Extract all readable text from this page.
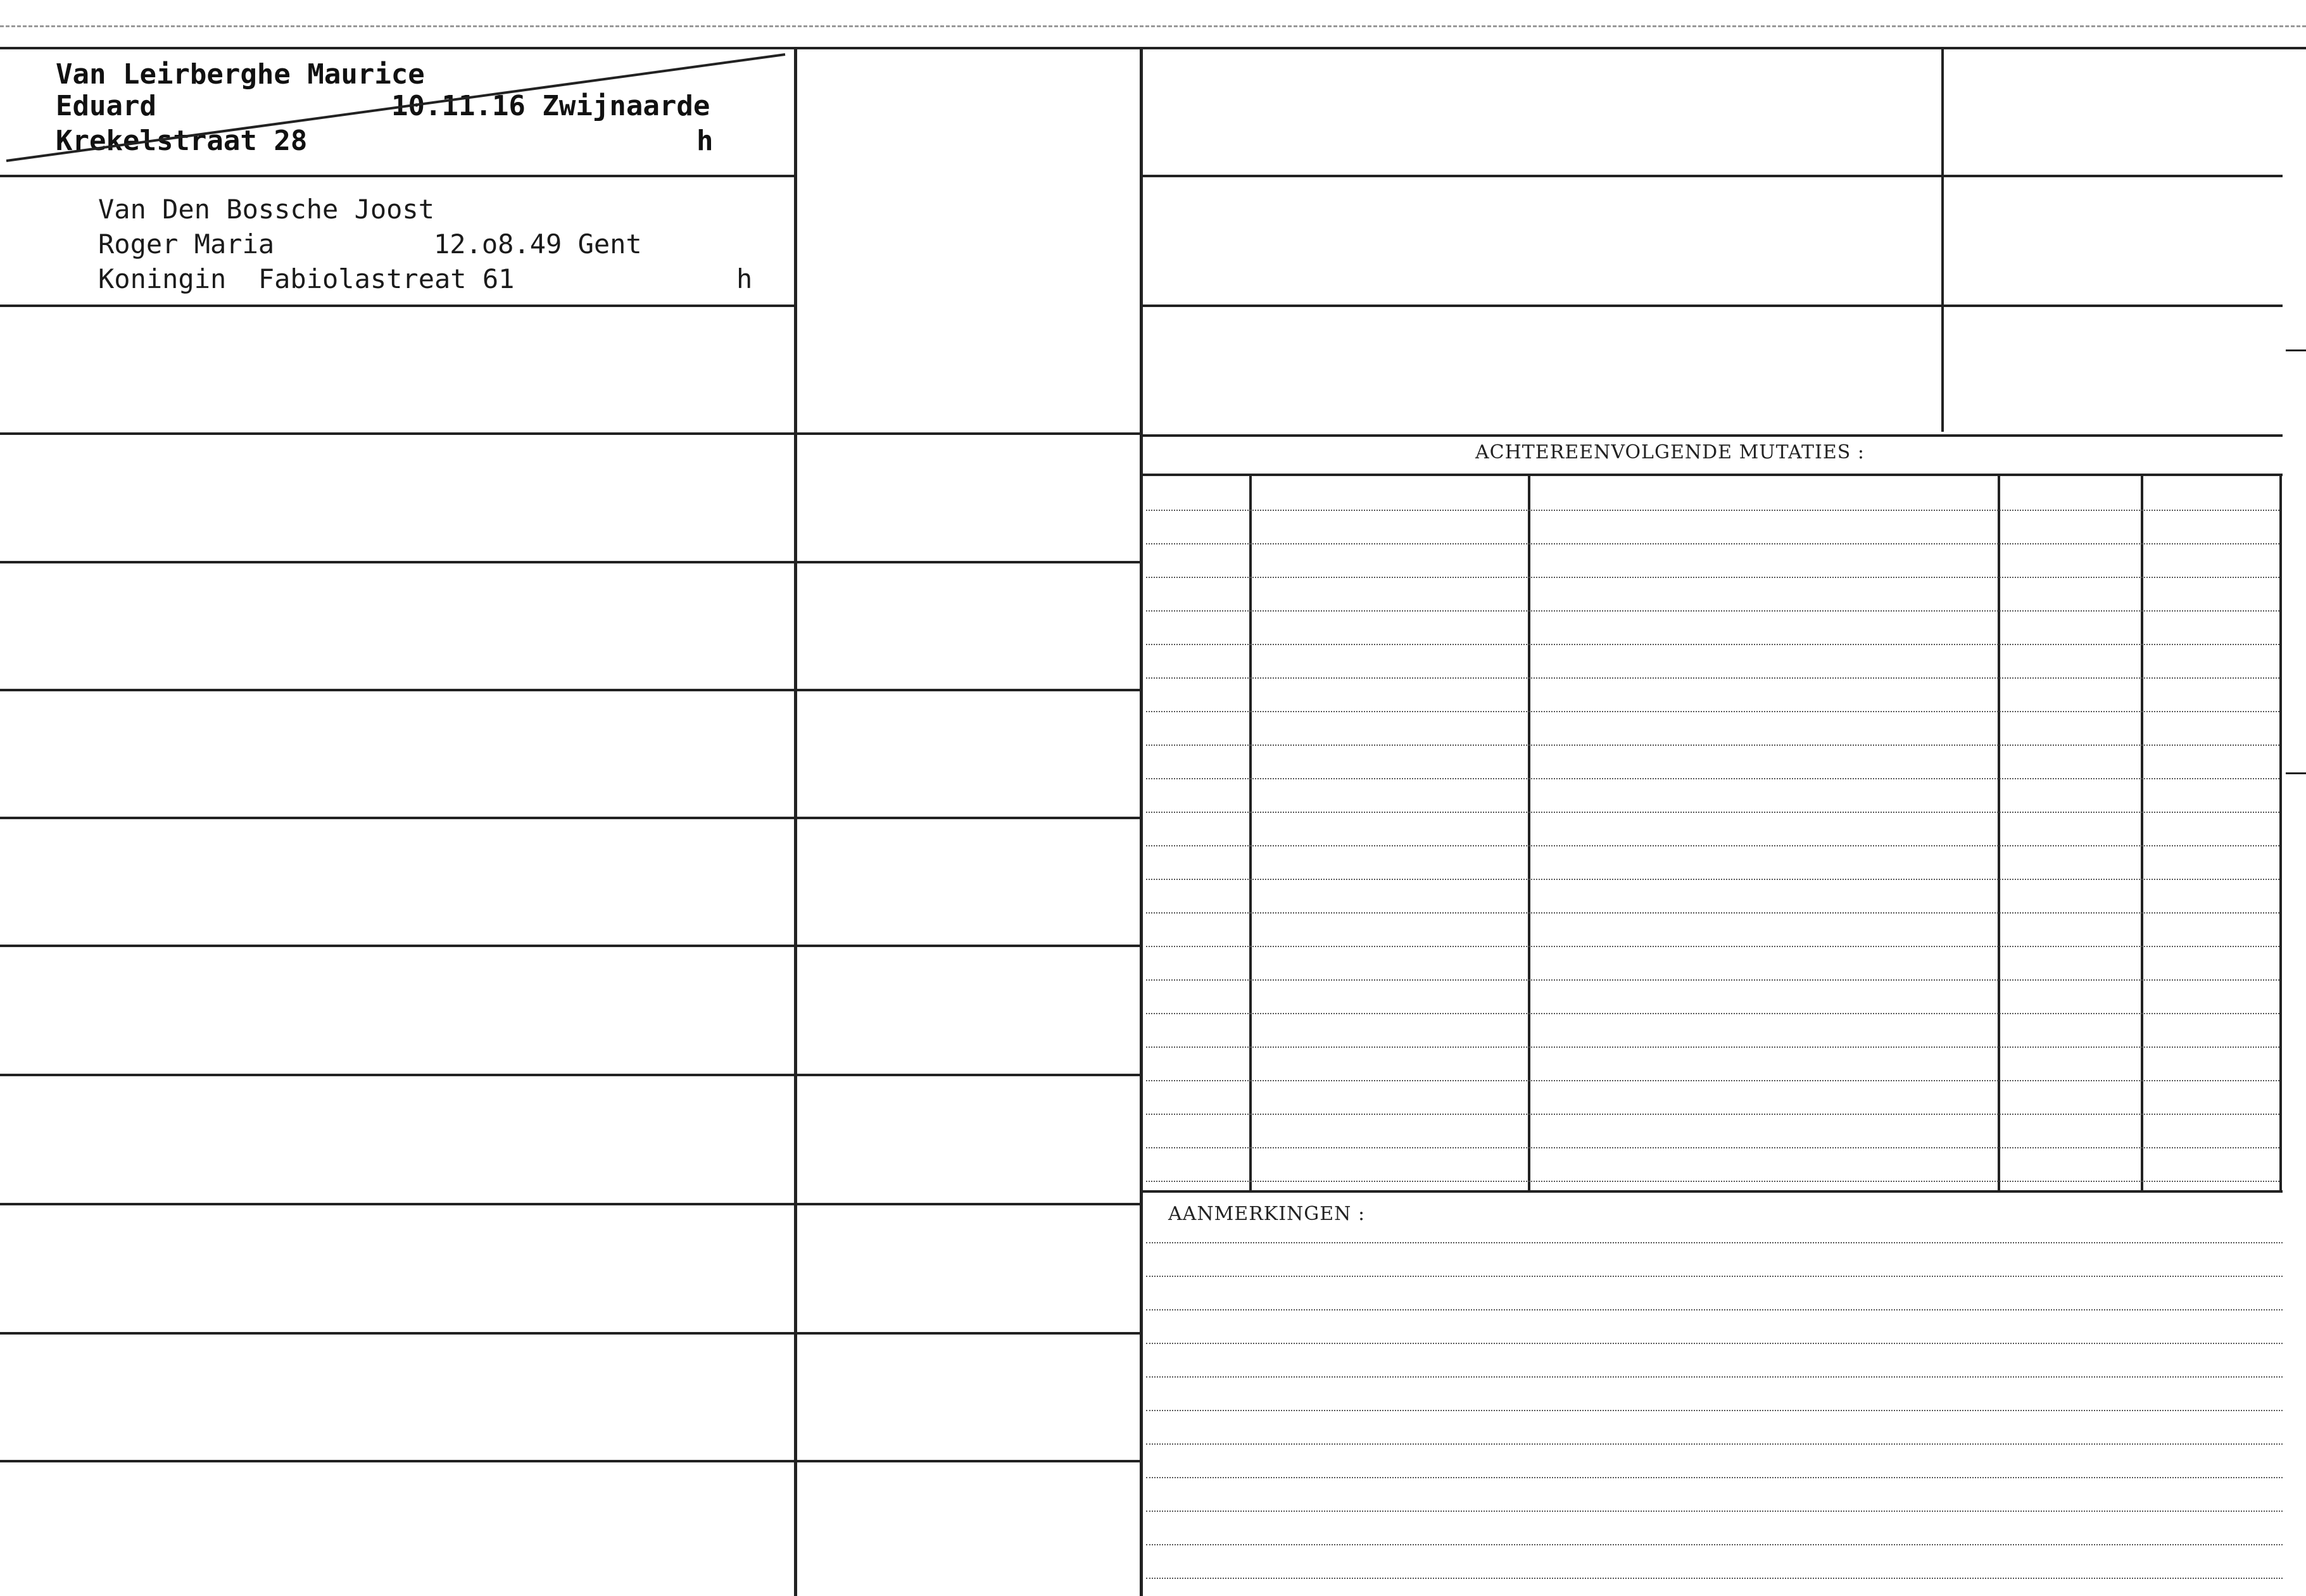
ACHTEREENVOLGENDE MUTATIES :
AANMERKINGEN :

Van Leirberghe Maurice

Eduard

	10.11.16 Zwijnaarde

Krekelstraat 28

	h

Van Den Bossche Joost

Roger Maria

	12.o8.49 Gent

Koningin  Fabiolastreat 61

	h
